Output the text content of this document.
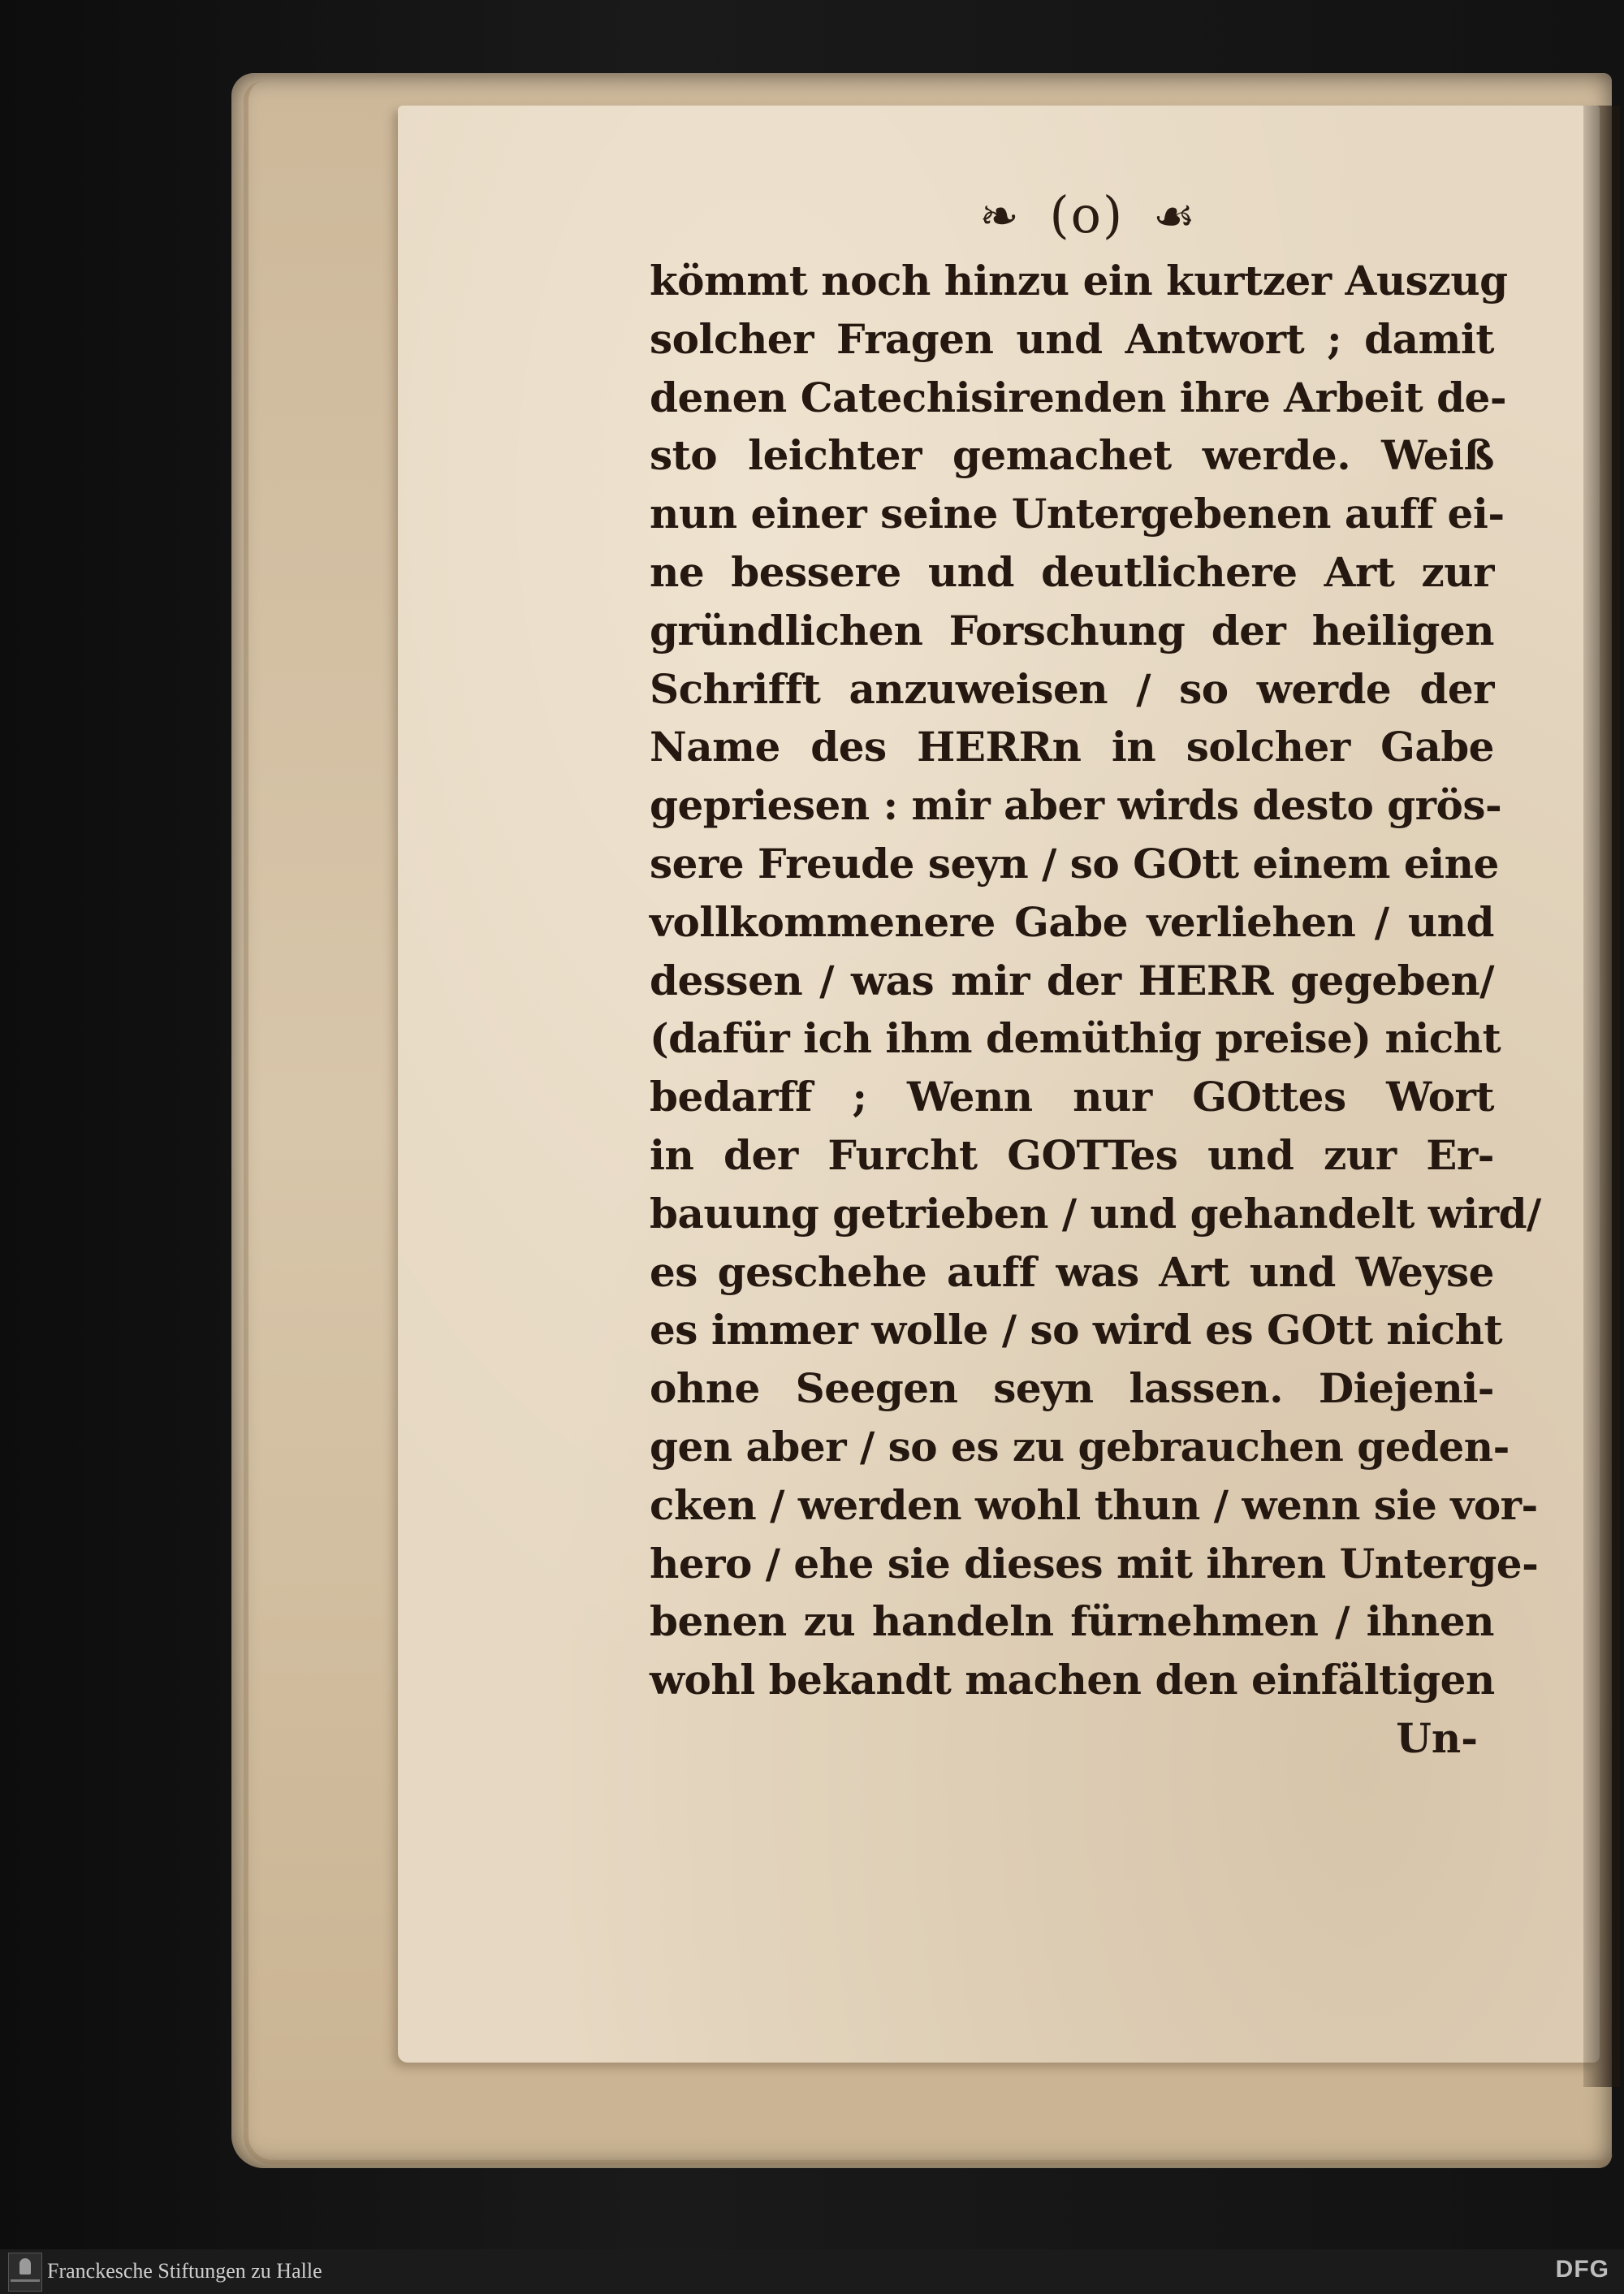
❧ (o) ☙
kömmt noch hinzu ein kurtzer Auszug
solcher Fragen und Antwort ; damit
denen Catechisirenden ihre Arbeit de-
sto leichter gemachet werde. Weiß
nun einer seine Untergebenen auff ei-
ne bessere und deutlichere Art zur
gründlichen Forschung der heiligen
Schrifft anzuweisen / so werde der
Name des HERRn in solcher Gabe
gepriesen : mir aber wirds desto grös-
sere Freude seyn / so GOtt einem eine
vollkommenere Gabe verliehen / und
dessen / was mir der HERR gegeben/
(dafür ich ihm demüthig preise) nicht
bedarff ; Wenn nur GOttes Wort
in der Furcht GOTTes und zur Er-
bauung getrieben / und gehandelt wird/
es geschehe auff was Art und Weyse
es immer wolle / so wird es GOtt nicht
ohne Seegen seyn lassen. Diejeni-
gen aber / so es zu gebrauchen geden-
cken / werden wohl thun / wenn sie vor-
hero / ehe sie dieses mit ihren Unterge-
benen zu handeln fürnehmen / ihnen
wohl bekandt machen den einfältigen
Un-
Franckesche Stiftungen zu Halle	DFG
